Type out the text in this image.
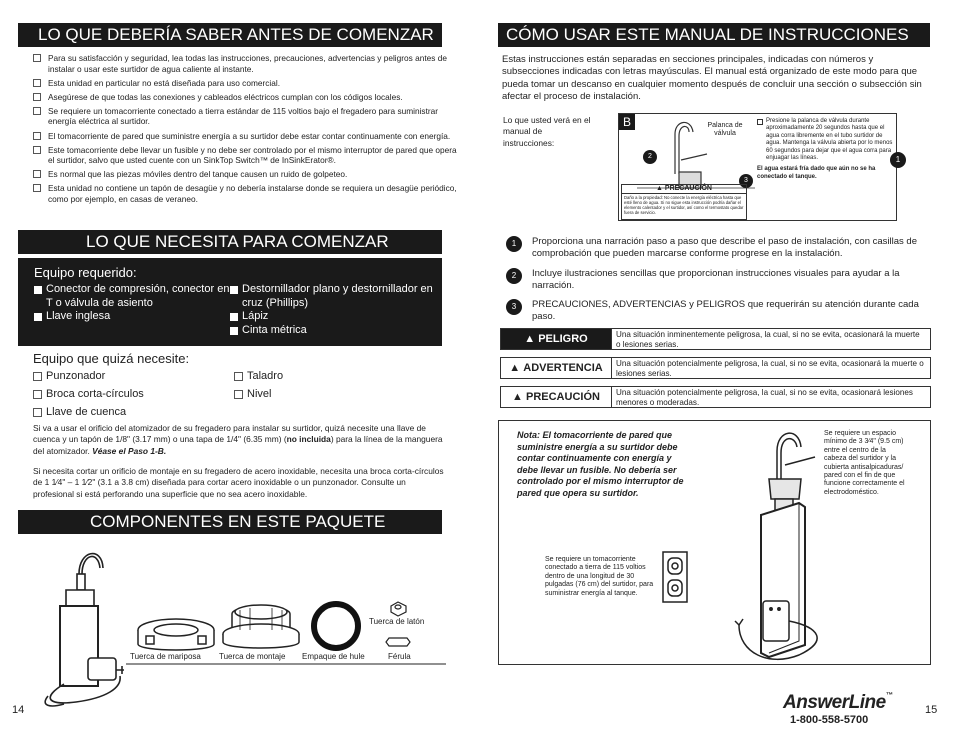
LO QUE DEBERÍA SABER ANTES DE COMENZAR
Para su satisfacción y seguridad, lea todas las instrucciones, precauciones, advertencias y peligros antes de instalar o usar este surtidor de agua caliente al instante.
Esta unidad en particular no está diseñada para uso comercial.
Asegúrese de que todas las conexiones y cableados eléctricos cumplan con los códigos locales.
Se requiere un tomacorriente conectado a tierra estándar de 115 voltios bajo el fregadero para suministrar energía eléctrica al surtidor.
El tomacorriente de pared que suministre energía a su surtidor debe estar contar continuamente con energía.
Este tomacorriente debe llevar un fusible y no debe ser controlado por el mismo interruptor de pared que opera el surtidor, salvo que usted cuente con un SinkTop Switch™ de InSinkErator®.
Es normal que las piezas móviles dentro del tanque causen un ruido de golpeteo.
Esta unidad no contiene un tapón de desagüe y no debería instalarse donde se requiera un desagüe periódico, como por ejemplo, en casas de veraneo.
LO QUE NECESITA PARA COMENZAR
Equipo requerido:
Conector de compresión, conector en T o válvula de asiento
Llave inglesa
Destornillador plano y destornillador en cruz (Phillips)
Lápiz
Cinta métrica
Equipo que quizá necesite:
Punzonador
Broca corta-círculos
Llave de cuenca
Taladro
Nivel
Si va a usar el orificio del atomizador de su fregadero para instalar su surtidor, quizá necesite una llave de cuenca y un tapón de 1/8" (3.17 mm) o una tapa de 1/4" (6.35 mm) (no incluida) para la línea de la manguera del atomizador. Véase el Paso 1-B.
Si necesita cortar un orificio de montaje en su fregadero de acero inoxidable, necesita una broca corta-círculos de 1 1⁄4" – 1 1⁄2" (3.1 a 3.8 cm) diseñada para cortar acero inoxidable o un punzonador. Consulte un profesional si está perforando una superficie que no sea acero inoxidable.
COMPONENTES EN ESTE PAQUETE
Tuerca de mariposa Tuerca de montaje Empaque de hule
Tuerca de latón
Férula
14
CÓMO USAR ESTE MANUAL DE INSTRUCCIONES
Estas instrucciones están separadas en secciones principales, indicadas con números y subsecciones indicadas con letras mayúsculas. El manual está organizado de este modo para que pueda tomar un descanso en cualquier momento después de concluir una sección o subsección sin afectar el proceso de instalación.
Lo que usted verá en el manual de instrucciones:
B	Palanca de válvula
2
3
▲ PRECAUCIÓN
Daño a la propiedad: No conecte la energía eléctrica hasta que esté lleno de agua. Si no sigue esta instrucción podría dañar el elemento calentador y el surtidor, así como el termostato quedar fuera de servicio.
Presione la palanca de válvula durante aproximadamente 20 segundos hasta que el agua corra libremente en el tubo surtidor de agua. Mantenga la válvula abierta por lo menos 60 segundos para dejar que el agua corra para enjuagar las líneas.
El agua estará fría dado que aún no se ha conectado el tanque.
1
1	Proporciona una narración paso a paso que describe el paso de instalación, con casillas de comprobación que pueden marcarse conforme progrese en la instalación.
2	Incluye ilustraciones sencillas que proporcionan instrucciones visuales para ayudar a la narración.
3	PRECAUCIONES, ADVERTENCIAS y PELIGROS que requerirán su atención durante cada paso.
▲
PELIGRO	Una situación inminentemente peligrosa, la cual, si no se evita, ocasionará la muerte o lesiones serias.
▲
ADVERTENCIA	Una situación potencialmente peligrosa, la cual, si no se evita, ocasionará la muerte o lesiones serias.
▲
PRECAUCIÓN	Una situación potencialmente peligrosa, la cual, si no se evita, ocasionará lesiones menores o moderadas.
Nota: El tomacorriente de pared que suministre energía a su surtidor debe contar continuamente con energía y debe llevar un fusible. No debería ser controlado por el mismo interruptor de pared que opera su surtidor.
Se requiere un espacio mínimo de 3 3⁄4" (9.5 cm) entre el centro de la cabeza del surtidor y la cubierta antisalpicaduras/ pared con el fin de que funcione correctamente el electrodoméstico.
Se requiere un tomacorriente conectado a tierra de 115 voltios dentro de una longitud de 30 pulgadas (76 cm) del surtidor, para suministrar energía al tanque.
AnswerLine™
1-800-558-5700
15
